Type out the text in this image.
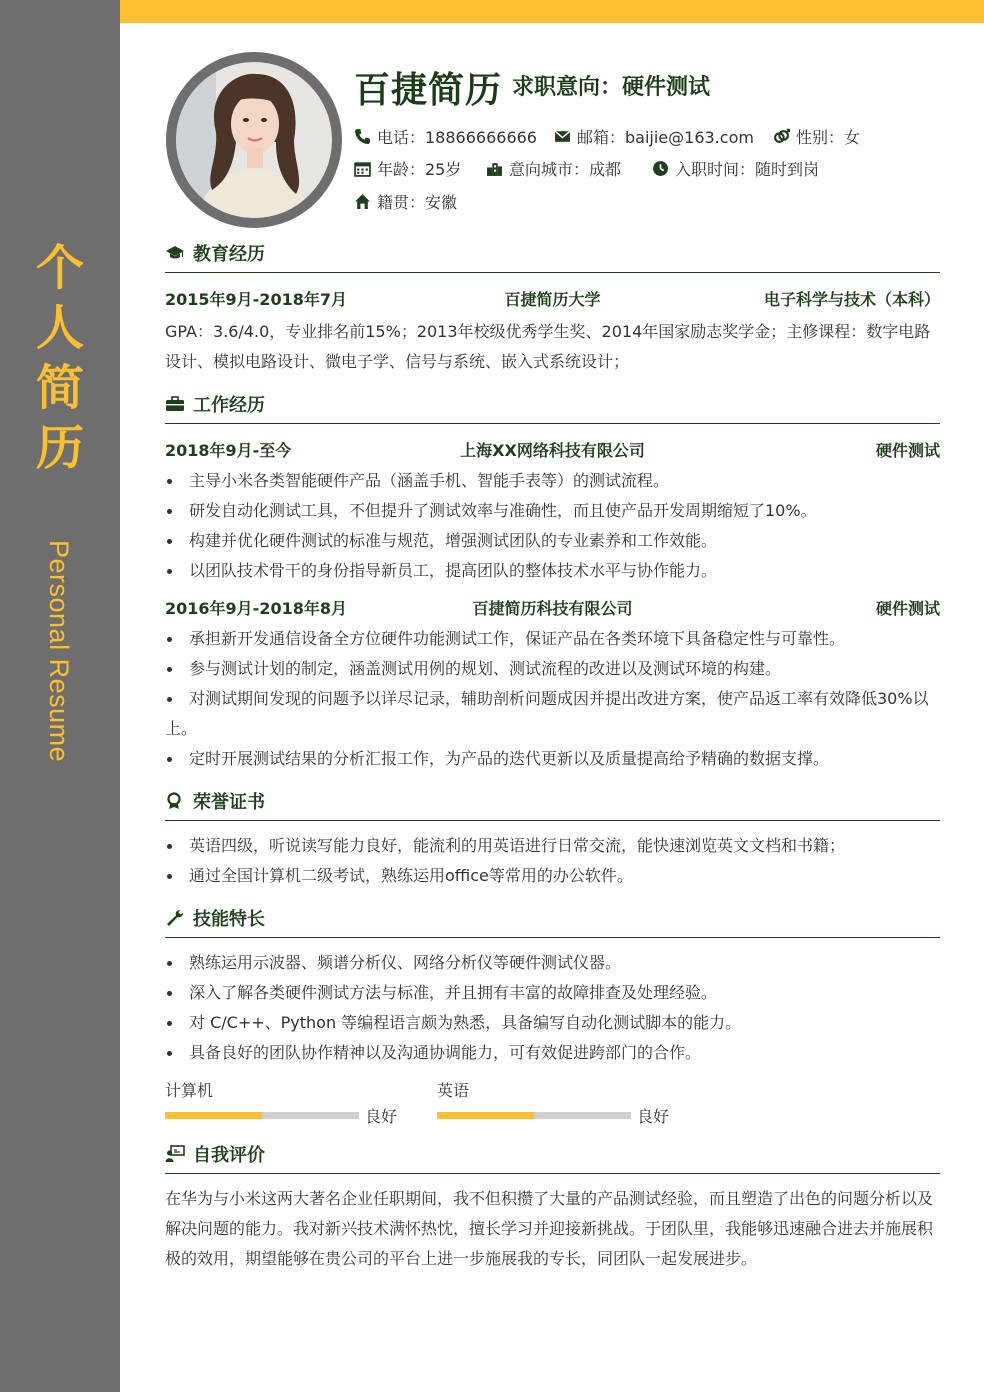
个
人
简
历
Personal Resume
百捷简历 求职意向：硬件测试
电话：18866666666	邮箱：baijie@163.com	性别：女
年龄：25岁	意向城市：成都	入职时间：随时到岗
籍贯：安徽
教育经历
2015年9月-2018年7月	百捷简历大学	电子科学与技术（本科）
GPA：3.6/4.0，专业排名前15%；2013年校级优秀学生奖、2014年国家励志奖学金；主修课程：数字电路设计、模拟电路设计、微电子学、信号与系统、嵌入式系统设计；
工作经历
2018年9月-至今	上海XX网络科技有限公司	硬件测试
主导小米各类智能硬件产品（涵盖手机、智能手表等）的测试流程。
研发自动化测试工具，不但提升了测试效率与准确性，而且使产品开发周期缩短了10%。
构建并优化硬件测试的标准与规范，增强测试团队的专业素养和工作效能。
以团队技术骨干的身份指导新员工，提高团队的整体技术水平与协作能力。
2016年9月-2018年8月	百捷简历科技有限公司	硬件测试
承担新开发通信设备全方位硬件功能测试工作，保证产品在各类环境下具备稳定性与可靠性。
参与测试计划的制定，涵盖测试用例的规划、测试流程的改进以及测试环境的构建。
对测试期间发现的问题予以详尽记录，辅助剖析问题成因并提出改进方案，使产品返工率有效降低30%以上。
定时开展测试结果的分析汇报工作，为产品的迭代更新以及质量提高给予精确的数据支撑。
荣誉证书
英语四级，听说读写能力良好，能流利的用英语进行日常交流，能快速浏览英文文档和书籍；
通过全国计算机二级考试，熟练运用office等常用的办公软件。
技能特长
熟练运用示波器、频谱分析仪、网络分析仪等硬件测试仪器。
深入了解各类硬件测试方法与标准，并且拥有丰富的故障排查及处理经验。
对 C/C++、Python 等编程语言颇为熟悉，具备编写自动化测试脚本的能力。
具备良好的团队协作精神以及沟通协调能力，可有效促进跨部门的合作。
计算机
良好
英语
良好
自我评价
在华为与小米这两大著名企业任职期间，我不但积攒了大量的产品测试经验，而且塑造了出色的问题分析以及解决问题的能力。我对新兴技术满怀热忱，擅长学习并迎接新挑战。于团队里，我能够迅速融合进去并施展积极的效用，期望能够在贵公司的平台上进一步施展我的专长，同团队一起发展进步。
